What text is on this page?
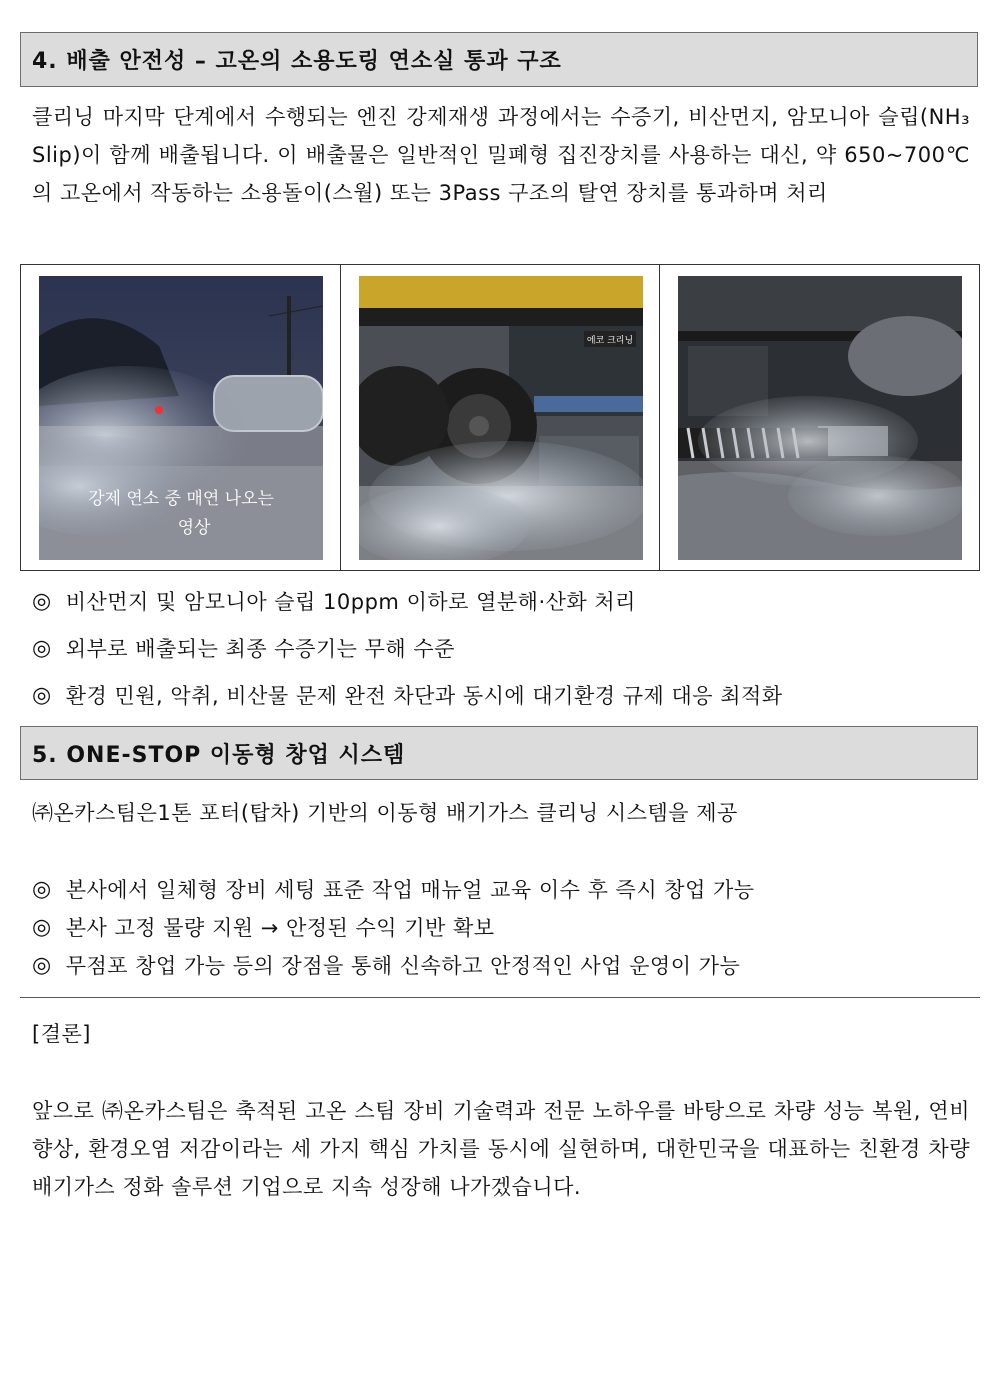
4. 배출 안전성 – 고온의 소용도링 연소실 통과 구조

클리닝 마지막 단계에서 수행되는 엔진 강제재생 과정에서는 수증기, 비산먼지, 암모니아 슬립(NH₃ Slip)이 함께 배출됩니다. 이 배출물은 일반적인 밀폐형 집진장치를 사용하는 대신, 약 650~700℃의 고온에서 작동하는 소용돌이(스월) 또는 3Pass 구조의 탈연 장치를 통과하며 처리

강제 연소 중 매연 나오는
영상
에코 크리닝
◎ 비산먼지 및 암모니아 슬립 10ppm 이하로 열분해·산화 처리
◎ 외부로 배출되는 최종 수증기는 무해 수준
◎ 환경 민원, 악취, 비산물 문제 완전 차단과 동시에 대기환경 규제 대응 최적화
5. ONE-STOP 이동형 창업 시스템
㈜온카스팀은1톤 포터(탑차) 기반의 이동형 배기가스 클리닝 시스템을 제공
◎ 본사에서 일체형 장비 세팅 표준 작업 매뉴얼 교육 이수 후 즉시 창업 가능
◎ 본사 고정 물량 지원 → 안정된 수익 기반 확보
◎ 무점포 창업 가능 등의 장점을 통해 신속하고 안정적인 사업 운영이 가능
[결론]

앞으로 ㈜온카스팀은 축적된 고온 스팀 장비 기술력과 전문 노하우를 바탕으로 차량 성능 복원, 연비 향상, 환경오염 저감이라는 세 가지 핵심 가치를 동시에 실현하며, 대한민국을 대표하는 친환경 차량 배기가스 정화 솔루션 기업으로 지속 성장해 나가겠습니다.
